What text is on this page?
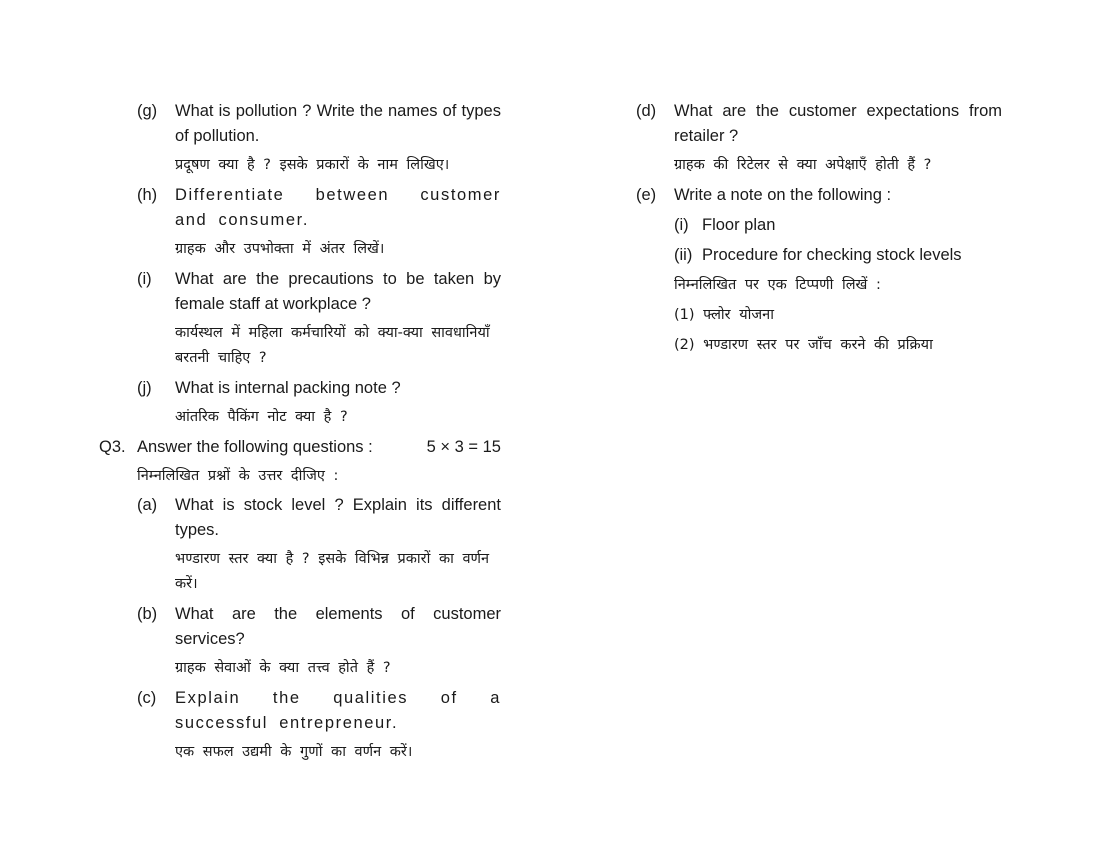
(g)	What is pollution ? Write the names of types of pollution.
प्रदूषण क्या है ? इसके प्रकारों के नाम लिखिए।
(h)	Differentiate between customer and consumer.
ग्राहक और उपभोक्ता में अंतर लिखें।
(i)	What are the precautions to be taken by female staff at workplace ?
कार्यस्थल में महिला कर्मचारियों को क्या-क्या सावधानियाँ बरतनी चाहिए ?
(j)	What is internal packing note ?
आंतरिक पैकिंग नोट क्या है ?
Q3. Answer the following questions :	5 × 3 = 15
निम्नलिखित प्रश्नों के उत्तर दीजिए :
(a)	What is stock level ? Explain its different types.
भण्डारण स्तर क्या है ? इसके विभिन्न प्रकारों का वर्णन करें।
(b)	What are the elements of customer services?
ग्राहक सेवाओं के क्या तत्त्व होते हैं ?
(c)	Explain the qualities of a successful entrepreneur.
एक सफल उद्यमी के गुणों का वर्णन करें।
(d)	What are the customer expectations from retailer ?
ग्राहक की रिटेलर से क्या अपेक्षाएँ होती हैं ?
(e)	Write a note on the following :
(i) Floor plan
(ii) Procedure for checking stock levels
निम्नलिखित पर एक टिप्पणी लिखें :
(1) फ्लोर योजना
(2) भण्डारण स्तर पर जाँच करने की प्रक्रिया
